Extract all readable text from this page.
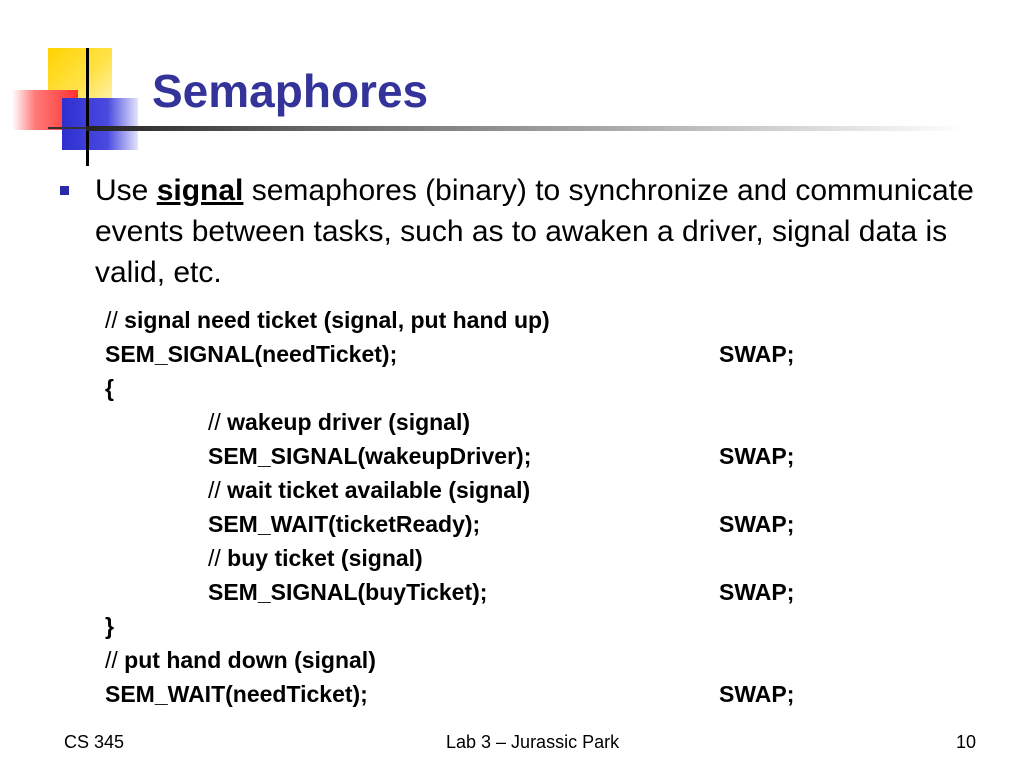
Semaphores

Use signal semaphores (binary) to synchronize and communicate events between tasks, such as to awaken a driver, signal data is valid, etc.

// signal need ticket (signal, put hand up)
SEM_SIGNAL(needTicket);	SWAP;
{
// wakeup driver (signal)
SEM_SIGNAL(wakeupDriver);	SWAP;
// wait ticket available (signal)
SEM_WAIT(ticketReady);	SWAP;
// buy ticket (signal)
SEM_SIGNAL(buyTicket);	SWAP;
}
// put hand down (signal)
SEM_WAIT(needTicket);	SWAP;
CS 345	Lab 3 – Jurassic Park	10
